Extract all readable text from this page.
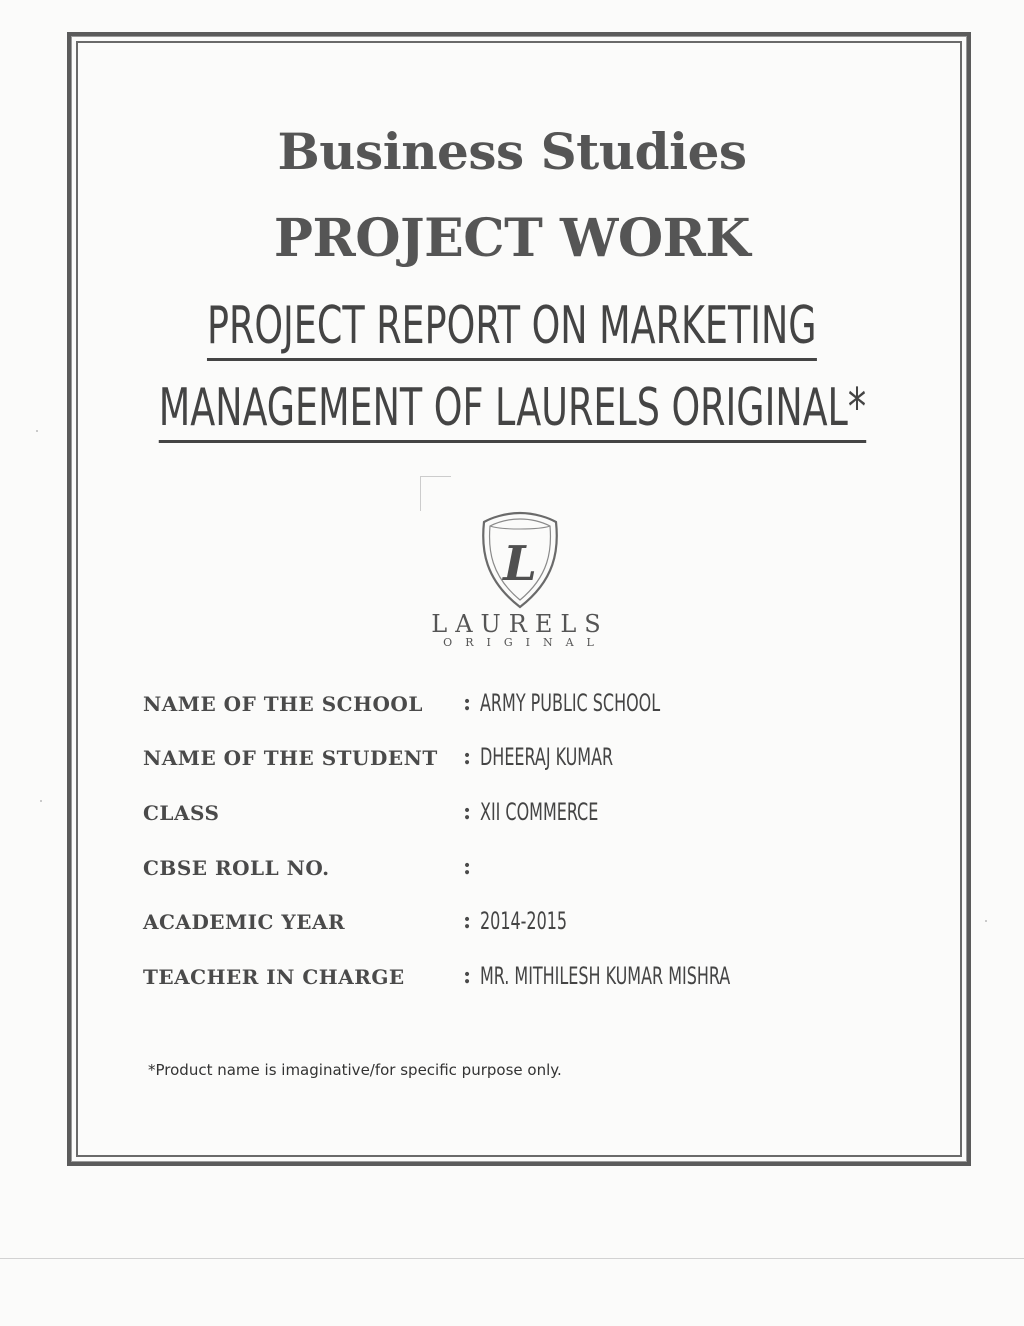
Business Studies
PROJECT WORK

PROJECT REPORT ON MARKETING

MANAGEMENT OF LAURELS ORIGINAL*

L

LAURELS

ORIGINAL

NAME OF THE SCHOOL : ARMY PUBLIC SCHOOL
NAME OF THE STUDENT : DHEERAJ KUMAR
CLASS	: XII COMMERCE
CBSE ROLL NO.	:
ACADEMIC YEAR	: 2014-2015
TEACHER IN CHARGE	: MR. MITHILESH KUMAR MISHRA

*Product name is imaginative/for specific purpose only.
